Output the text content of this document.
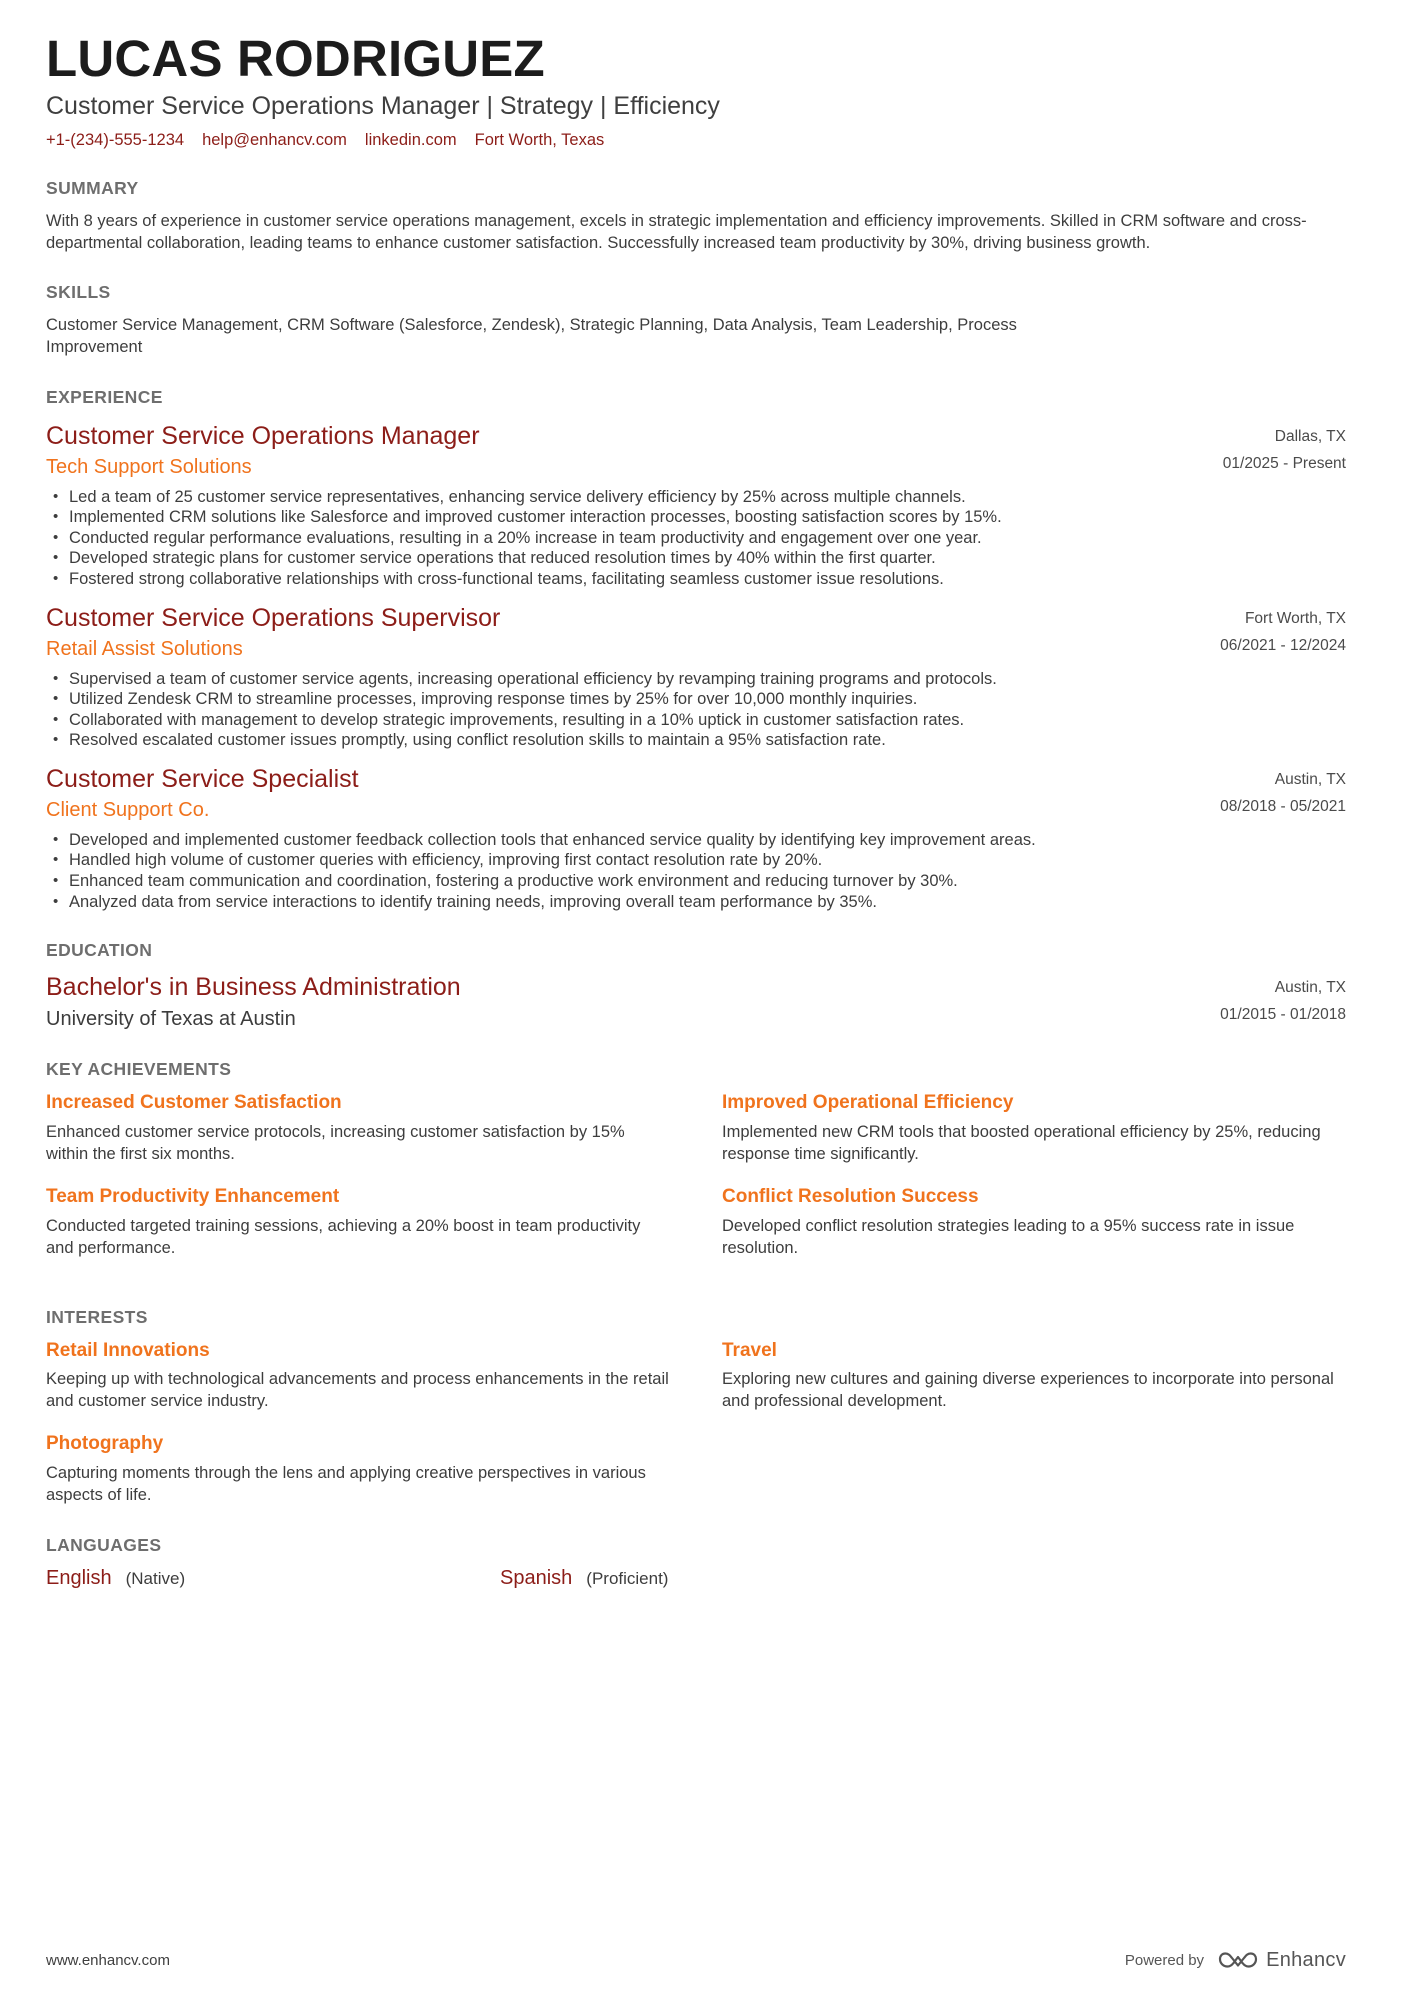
LUCAS RODRIGUEZ
Customer Service Operations Manager | Strategy | Efficiency
+1-(234)-555-1234 help@enhancv.com linkedin.com Fort Worth, Texas
SUMMARY
With 8 years of experience in customer service operations management, excels in strategic implementation and efficiency improvements. Skilled in CRM software and cross-departmental collaboration, leading teams to enhance customer satisfaction. Successfully increased team productivity by 30%, driving business growth.
SKILLS
Customer Service Management, CRM Software (Salesforce, Zendesk), Strategic Planning, Data Analysis, Team Leadership, Process Improvement
EXPERIENCE
Customer Service Operations Manager
Tech Support Solutions
Dallas, TX
01/2025 - Present
• Led a team of 25 customer service representatives, enhancing service delivery efficiency by 25% across multiple channels.
• Implemented CRM solutions like Salesforce and improved customer interaction processes, boosting satisfaction scores by 15%.
• Conducted regular performance evaluations, resulting in a 20% increase in team productivity and engagement over one year.
• Developed strategic plans for customer service operations that reduced resolution times by 40% within the first quarter.
• Fostered strong collaborative relationships with cross-functional teams, facilitating seamless customer issue resolutions.
Customer Service Operations Supervisor
Retail Assist Solutions
Fort Worth, TX
06/2021 - 12/2024
• Supervised a team of customer service agents, increasing operational efficiency by revamping training programs and protocols.
• Utilized Zendesk CRM to streamline processes, improving response times by 25% for over 10,000 monthly inquiries.
• Collaborated with management to develop strategic improvements, resulting in a 10% uptick in customer satisfaction rates.
• Resolved escalated customer issues promptly, using conflict resolution skills to maintain a 95% satisfaction rate.
Customer Service Specialist
Client Support Co.
Austin, TX
08/2018 - 05/2021
• Developed and implemented customer feedback collection tools that enhanced service quality by identifying key improvement areas.
• Handled high volume of customer queries with efficiency, improving first contact resolution rate by 20%.
• Enhanced team communication and coordination, fostering a productive work environment and reducing turnover by 30%.
• Analyzed data from service interactions to identify training needs, improving overall team performance by 35%.
EDUCATION
Bachelor's in Business Administration
University of Texas at Austin
Austin, TX
01/2015 - 01/2018
KEY ACHIEVEMENTS
Increased Customer Satisfaction
Enhanced customer service protocols, increasing customer satisfaction by 15% within the first six months.
Improved Operational Efficiency
Implemented new CRM tools that boosted operational efficiency by 25%, reducing response time significantly.
Team Productivity Enhancement
Conducted targeted training sessions, achieving a 20% boost in team productivity and performance.
Conflict Resolution Success
Developed conflict resolution strategies leading to a 95% success rate in issue resolution.
INTERESTS
Retail Innovations
Keeping up with technological advancements and process enhancements in the retail and customer service industry.
Travel
Exploring new cultures and gaining diverse experiences to incorporate into personal and professional development.
Photography
Capturing moments through the lens and applying creative perspectives in various aspects of life.
LANGUAGES
English (Native)	Spanish (Proficient)
www.enhancv.com	Powered by	Enhancv
